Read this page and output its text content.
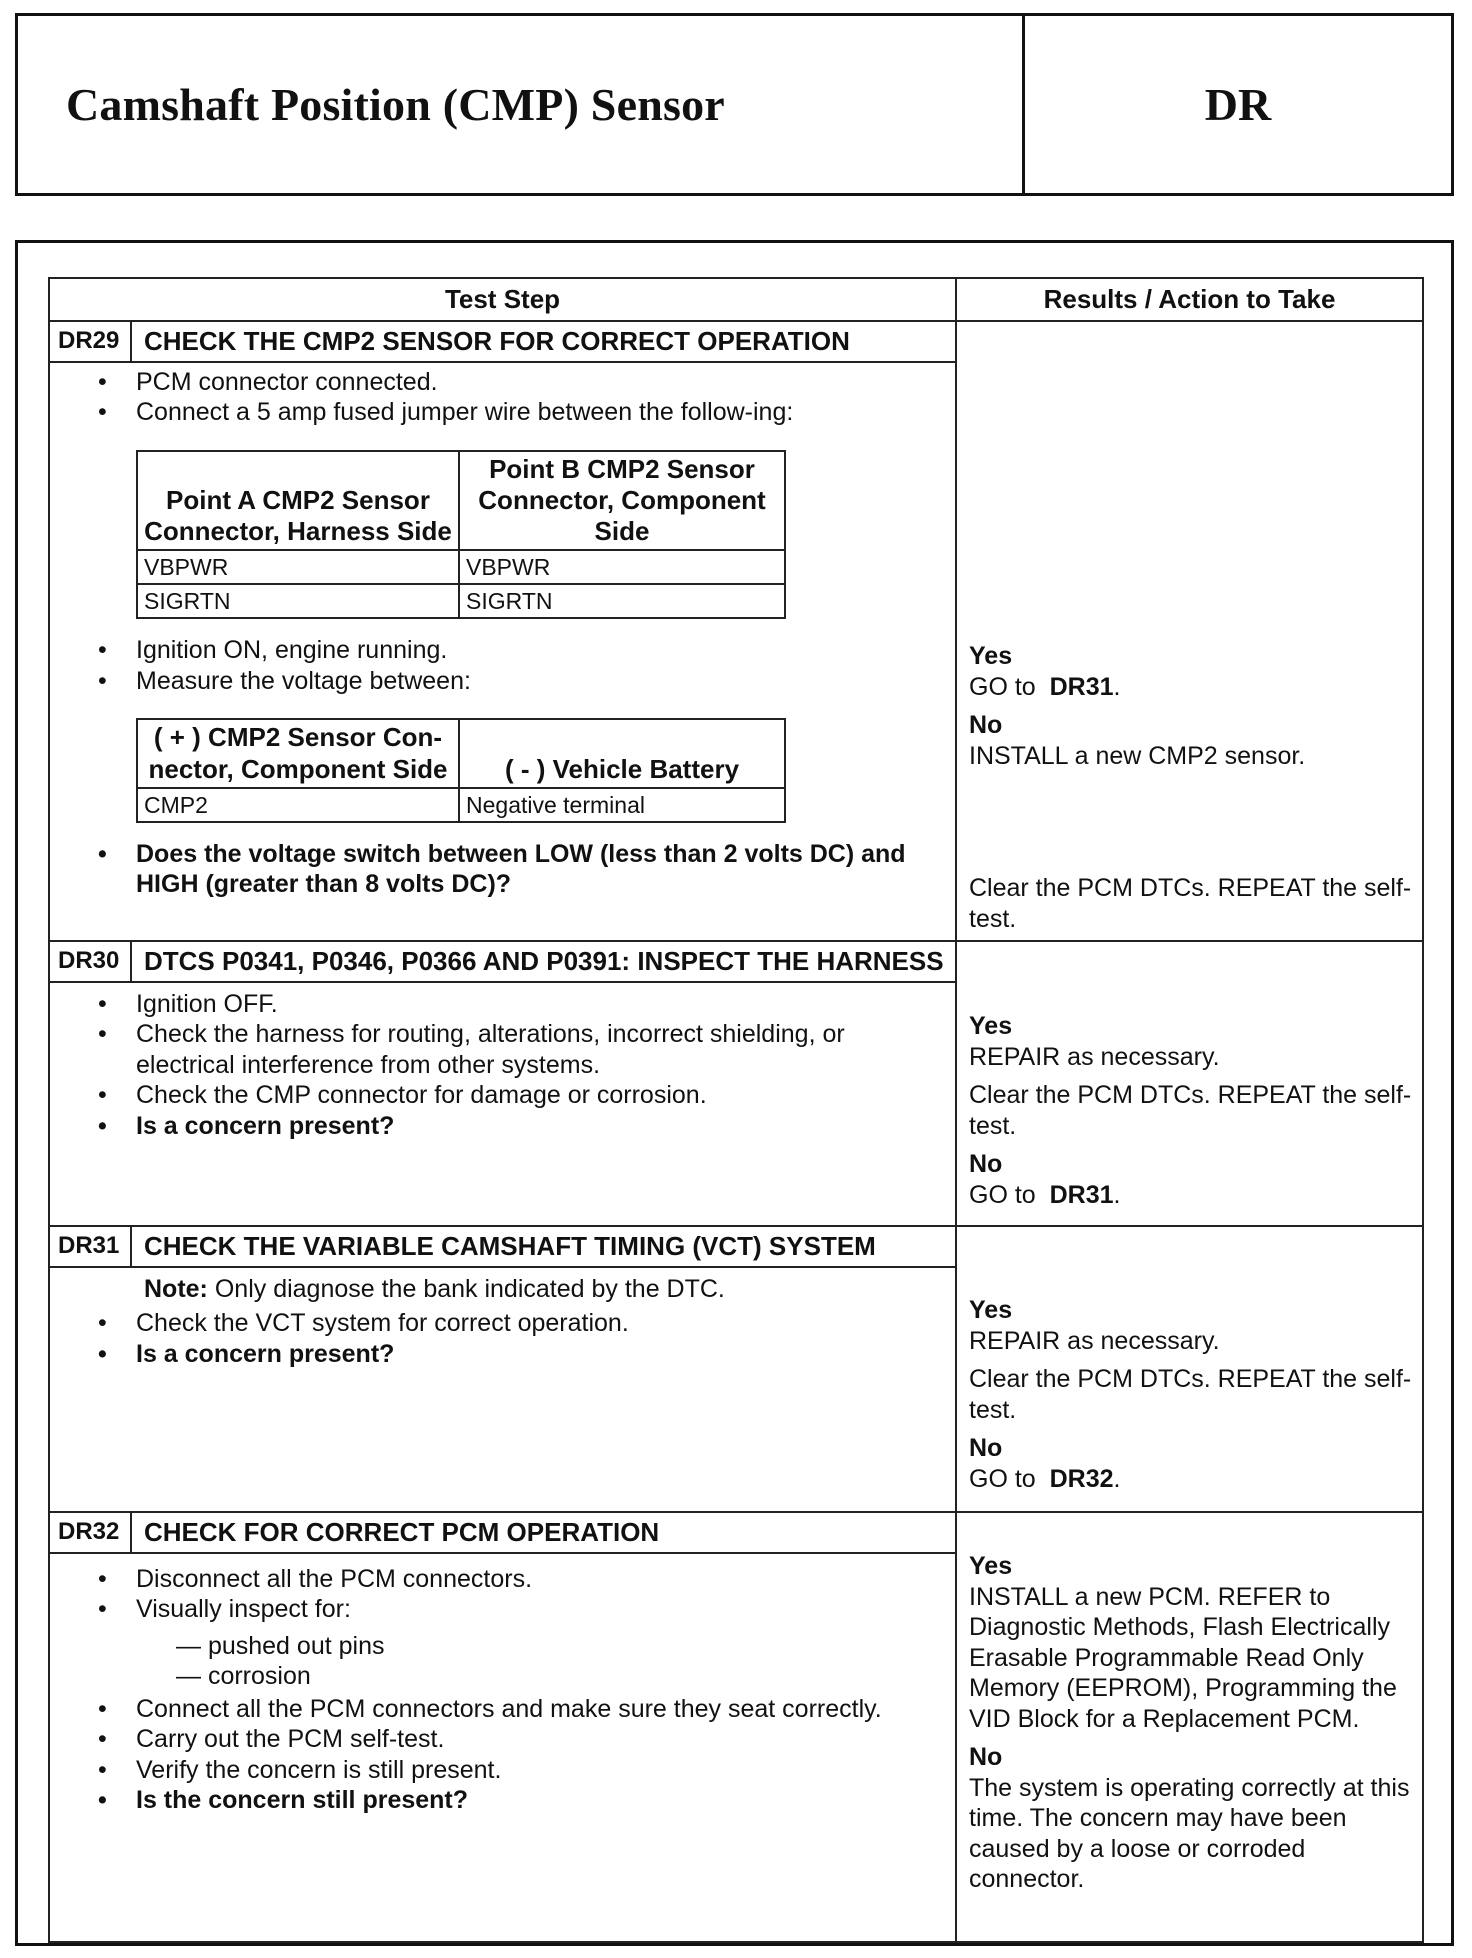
Camshaft Position (CMP) Sensor	DR
Test Step	Results / Action to Take

DR29 CHECK THE CMP2 SENSOR FOR CORRECT OPERATION
• PCM connector connected.
• Connect a 5 amp fused jumper wire between the follow-ing:
Point A CMP2 Sensor Connector, Harness Side	Point B CMP2 Sensor Connector, Component Side
VBPWR	VBPWR
SIGRTN	SIGRTN
• Ignition ON, engine running.
• Measure the voltage between:
( + ) CMP2 Sensor Con-nector, Component Side	( - ) Vehicle Battery
CMP2	Negative terminal
• Does the voltage switch between LOW (less than 2 volts DC) and HIGH (greater than 8 volts DC)?

Yes

GO to DR31.

No

INSTALL a new CMP2 sensor.

Clear the PCM DTCs. REPEAT the self-test.

DR30 DTCS P0341, P0346, P0366 AND P0391: INSPECT THE HARNESS
• Ignition OFF.
• Check the harness for routing, alterations, incorrect shielding, or electrical interference from other systems.
• Check the CMP connector for damage or corrosion.
• Is a concern present?

Yes

REPAIR as necessary.

Clear the PCM DTCs. REPEAT the self-test.

No

GO to DR31.

DR31 CHECK THE VARIABLE CAMSHAFT TIMING (VCT) SYSTEM

Note: Only diagnose the bank indicated by the DTC.

• Check the VCT system for correct operation.
• Is a concern present?

Yes

REPAIR as necessary.

Clear the PCM DTCs. REPEAT the self-test.

No

GO to DR32.

DR32 CHECK FOR CORRECT PCM OPERATION
• Disconnect all the PCM connectors.
• Visually inspect for:
— pushed out pins
— corrosion
• Connect all the PCM connectors and make sure they seat correctly.
• Carry out the PCM self-test.
• Verify the concern is still present.
• Is the concern still present?

Yes

INSTALL a new PCM. REFER to Diagnostic Methods, Flash Electrically Erasable Programmable Read Only Memory (EEPROM), Programming the VID Block for a Replacement PCM.

No

The system is operating correctly at this time. The concern may have been caused by a loose or corroded connector.
